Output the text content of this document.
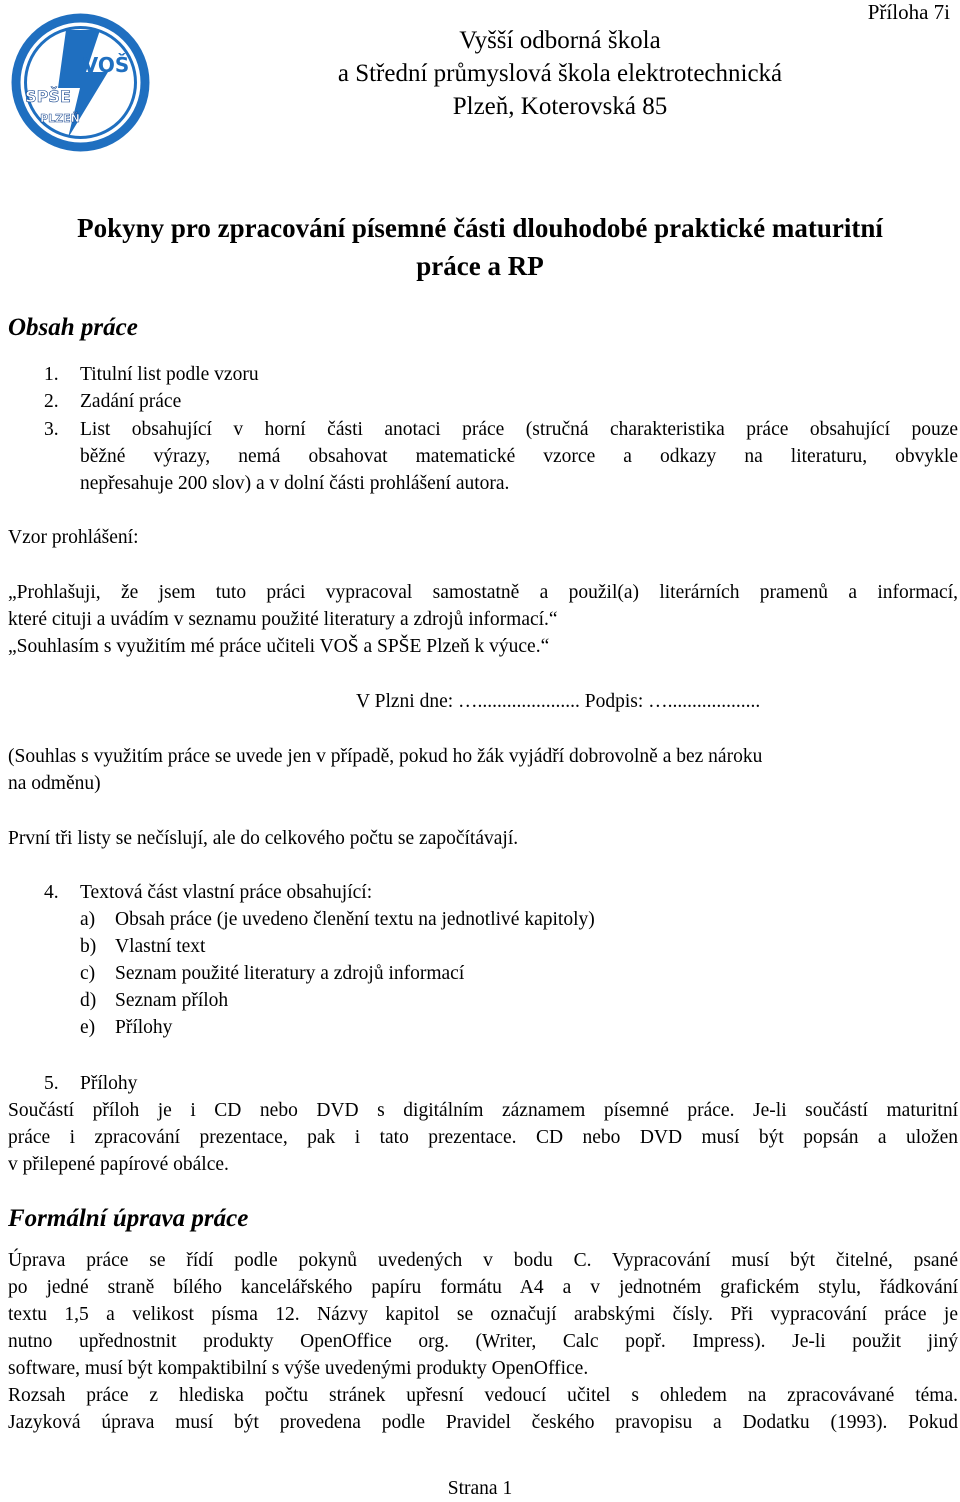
VOŠ
SPŠE
PLZEŇ
Příloha 7i
Vyšší odborná škola
a Střední průmyslová škola elektrotechnická
Plzeň, Koterovská 85
Pokyny pro zpracování písemné části dlouhodobé praktické maturitní
práce a RP
Obsah práce
1. Titulní list podle vzoru
2. Zadání práce
3. List obsahující v horní části anotaci práce (stručná charakteristika práce obsahující pouze
běžné výrazy, nemá obsahovat matematické vzorce a odkazy na literaturu, obvykle
nepřesahuje 200 slov) a v dolní části prohlášení autora.
Vzor prohlášení:
„Prohlašuji, že jsem tuto práci vypracoval samostatně a použil(a) literárních pramenů a informací,
které cituji a uvádím v seznamu použité literatury a zdrojů informací.“
„Souhlasím s využitím mé práce učiteli VOŠ a SPŠE Plzeň k výuce.“
V Plzni dne: …..................... Podpis: …...................
(Souhlas s využitím práce se uvede jen v případě, pokud ho žák vyjádří dobrovolně a bez nároku
na odměnu)
První tři listy se nečíslují, ale do celkového počtu se započítávají.
4. Textová část vlastní práce obsahující:
a) Obsah práce (je uvedeno členění textu na jednotlivé kapitoly)
b) Vlastní text
c) Seznam použité literatury a zdrojů informací
d) Seznam příloh
e) Přílohy
5. Přílohy
Součástí příloh je i CD nebo DVD s digitálním záznamem písemné práce. Je-li součástí maturitní
práce i zpracování prezentace, pak i tato prezentace. CD nebo DVD musí být popsán a uložen
v přilepené papírové obálce.
Formální úprava práce
Úprava práce se řídí podle pokynů uvedených v bodu C. Vypracování musí být čitelné, psané
po jedné straně bílého kancelářského papíru formátu A4 a v jednotném grafickém stylu, řádkování
textu 1,5 a velikost písma 12. Názvy kapitol se označují arabskými čísly. Při vypracování práce je
nutno upřednostnit produkty OpenOffice org. (Writer, Calc popř. Impress). Je-li použit jiný
software, musí být kompaktibilní s výše uvedenými produkty OpenOffice.
Rozsah práce z hlediska počtu stránek upřesní vedoucí učitel s ohledem na zpracovávané téma.
Jazyková úprava musí být provedena podle Pravidel českého pravopisu a Dodatku (1993). Pokud
Strana 1
